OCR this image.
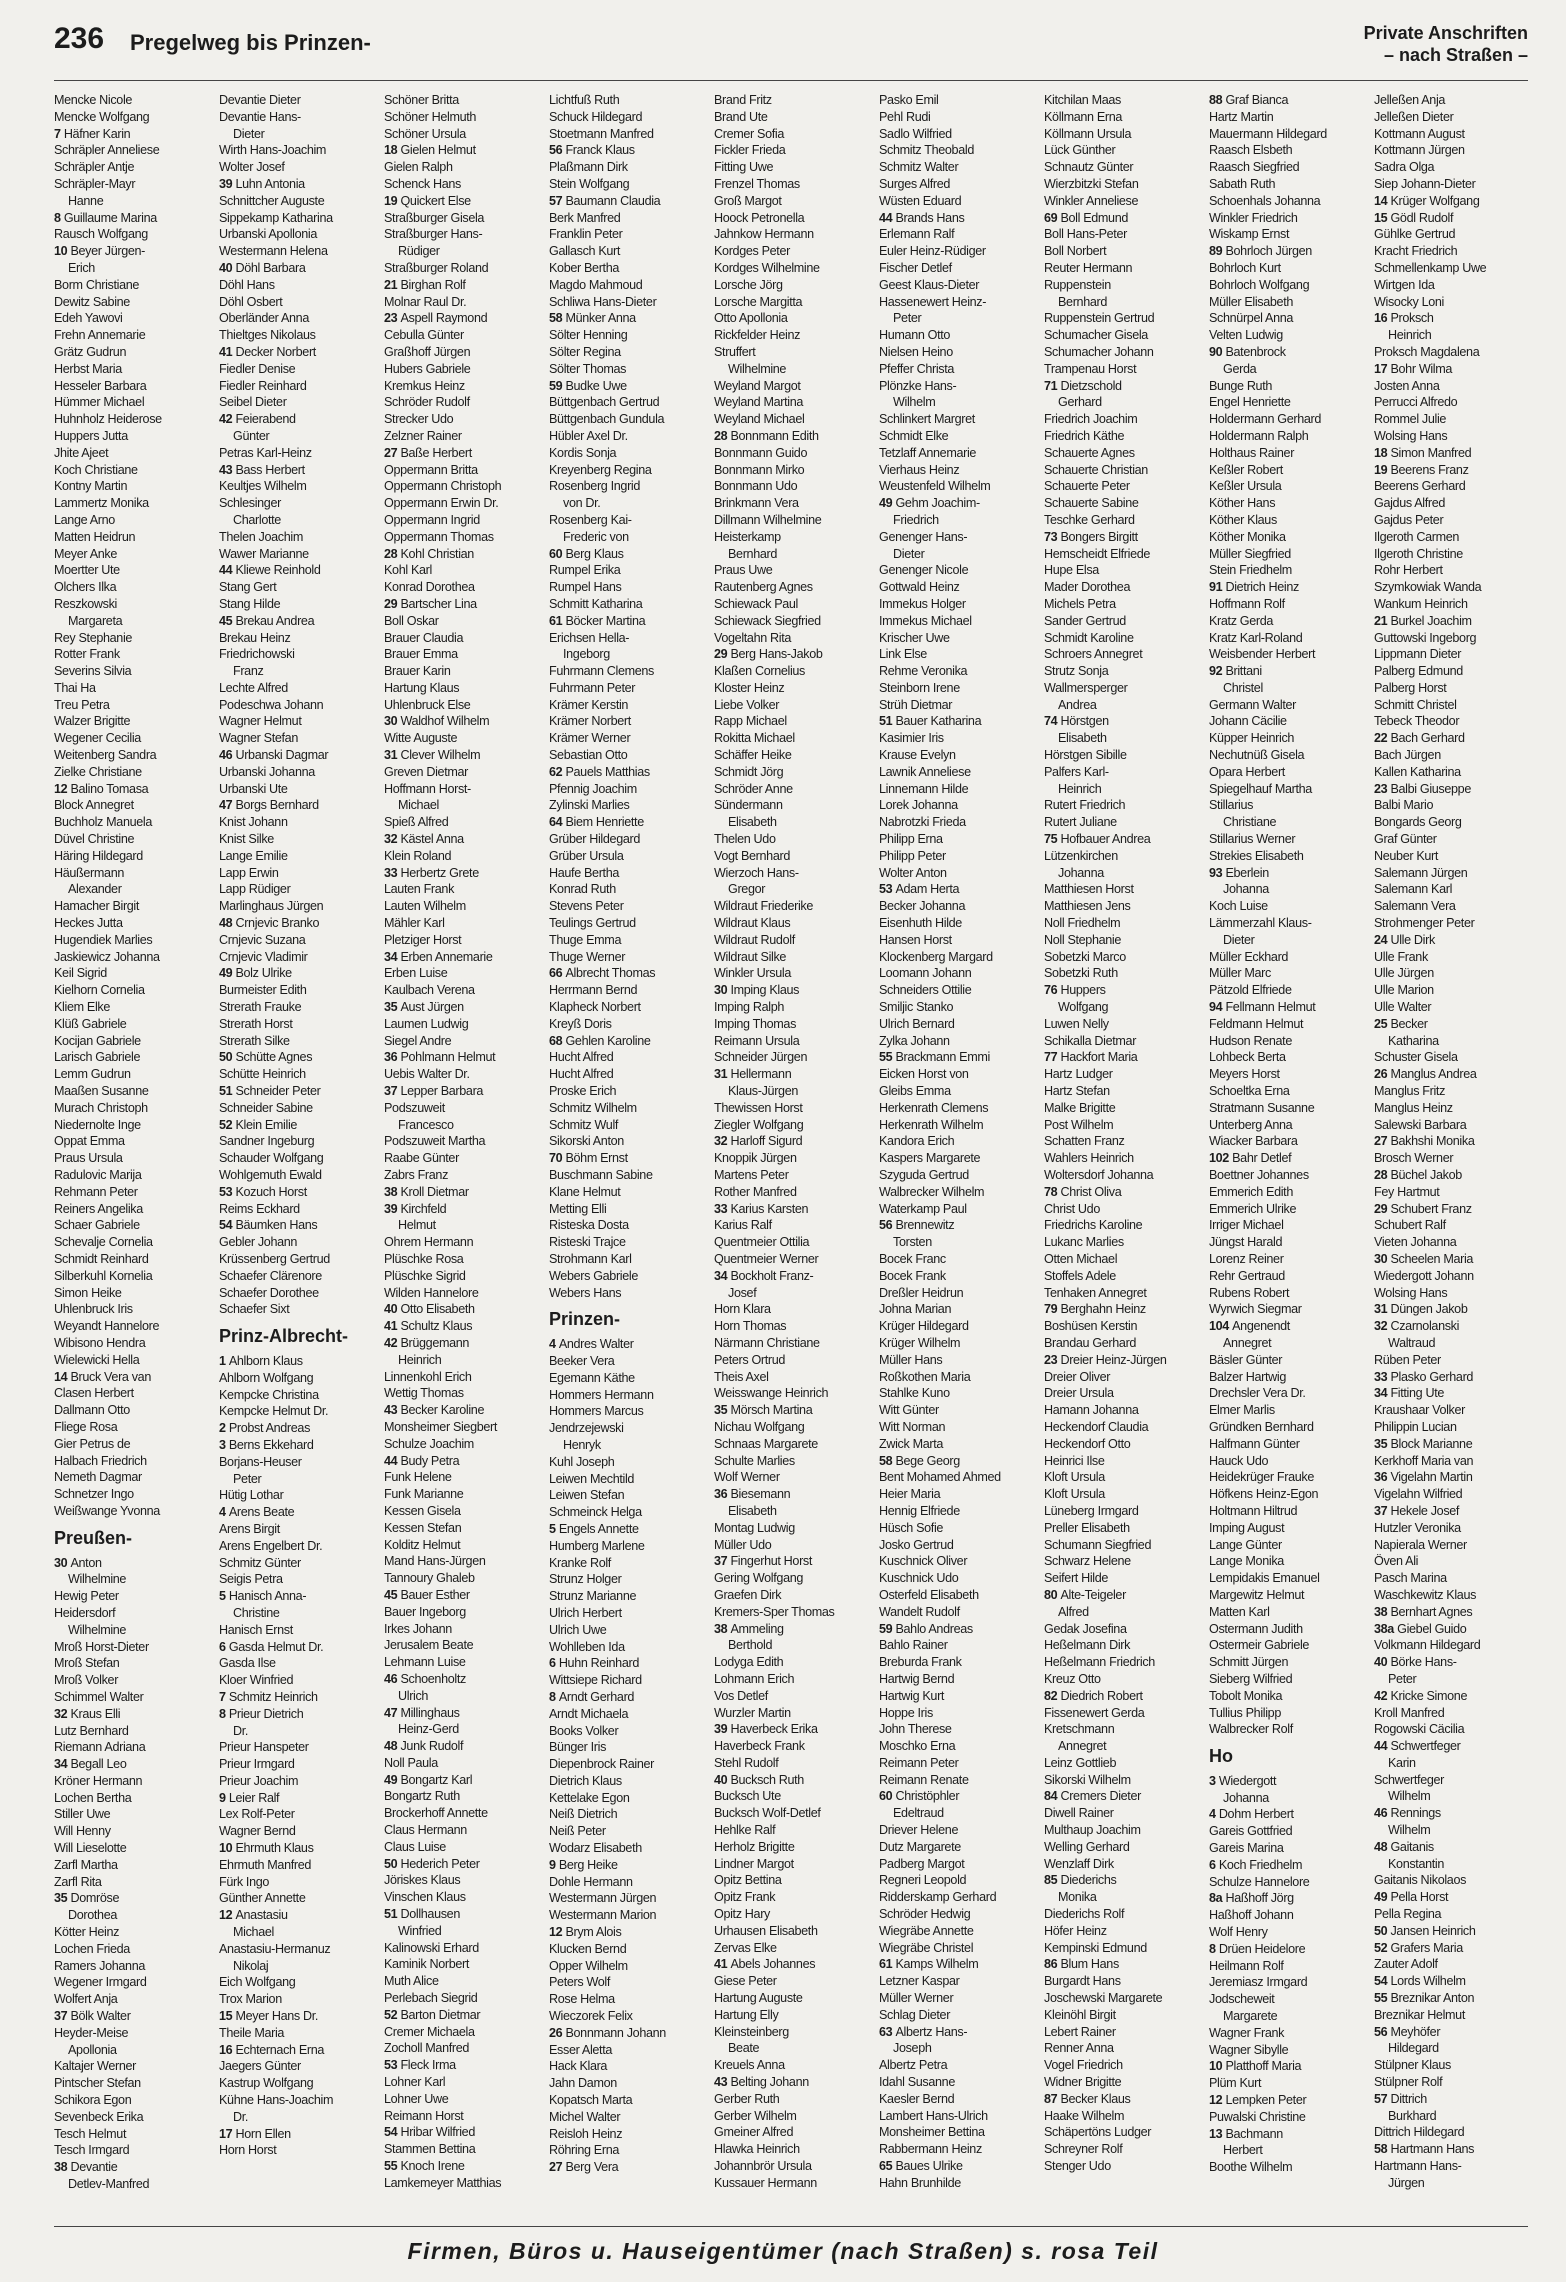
236 Pregelweg bis Prinzen-	Private Anschriften
– nach Straßen –
Mencke Nicole
Mencke Wolfgang
7 Häfner Karin
Schräpler Anneliese
Schräpler Antje
Schräpler-Mayr
Hanne
8 Guillaume Marina
Rausch Wolfgang
10 Beyer Jürgen-
Erich
Borm Christiane
Dewitz Sabine
Edeh Yawovi
Frehn Annemarie
Grätz Gudrun
Herbst Maria
Hesseler Barbara
Hümmer Michael
Huhnholz Heiderose
Huppers Jutta
Jhite Ajeet
Koch Christiane
Kontny Martin
Lammertz Monika
Lange Arno
Matten Heidrun
Meyer Anke
Moertter Ute
Olchers Ilka
Reszkowski
Margareta
Rey Stephanie
Rotter Frank
Severins Silvia
Thai Ha
Treu Petra
Walzer Brigitte
Wegener Cecilia
Weitenberg Sandra
Zielke Christiane
12 Balino Tomasa
Block Annegret
Buchholz Manuela
Düvel Christine
Häring Hildegard
Häußermann
Alexander
Hamacher Birgit
Heckes Jutta
Hugendiek Marlies
Jaskiewicz Johanna
Keil Sigrid
Kielhorn Cornelia
Kliem Elke
Klüß Gabriele
Kocijan Gabriele
Larisch Gabriele
Lemm Gudrun
Maaßen Susanne
Murach Christoph
Niedernolte Inge
Oppat Emma
Praus Ursula
Radulovic Marija
Rehmann Peter
Reiners Angelika
Schaer Gabriele
Schevalje Cornelia
Schmidt Reinhard
Silberkuhl Kornelia
Simon Heike
Uhlenbruck Iris
Weyandt Hannelore
Wibisono Hendra
Wielewicki Hella
14 Bruck Vera van
Clasen Herbert
Dallmann Otto
Fliege Rosa
Gier Petrus de
Halbach Friedrich
Nemeth Dagmar
Schnetzer Ingo
Weißwange Yvonna
Preußen-
30 Anton
Wilhelmine
Hewig Peter
Heidersdorf
Wilhelmine
Mroß Horst-Dieter
Mroß Stefan
Mroß Volker
Schimmel Walter
32 Kraus Elli
Lutz Bernhard
Riemann Adriana
34 Begall Leo
Kröner Hermann
Lochen Bertha
Stiller Uwe
Will Henny
Will Lieselotte
Zarfl Martha
Zarfl Rita
35 Domröse
Dorothea
Kötter Heinz
Lochen Frieda
Ramers Johanna
Wegener Irmgard
Wolfert Anja
37 Bölk Walter
Heyder-Meise
Apollonia
Kaltajer Werner
Pintscher Stefan
Schikora Egon
Sevenbeck Erika
Tesch Helmut
Tesch Irmgard
38 Devantie
Detlev-Manfred
Devantie Dieter
Devantie Hans-
Dieter
Wirth Hans-Joachim
Wolter Josef
39 Luhn Antonia
Schnittcher Auguste
Sippekamp Katharina
Urbanski Apollonia
Westermann Helena
40 Döhl Barbara
Döhl Hans
Döhl Osbert
Oberländer Anna
Thieltges Nikolaus
41 Decker Norbert
Fiedler Denise
Fiedler Reinhard
Seibel Dieter
42 Feierabend
Günter
Petras Karl-Heinz
43 Bass Herbert
Keultjes Wilhelm
Schlesinger
Charlotte
Thelen Joachim
Wawer Marianne
44 Kliewe Reinhold
Stang Gert
Stang Hilde
45 Brekau Andrea
Brekau Heinz
Friedrichowski
Franz
Lechte Alfred
Podeschwa Johann
Wagner Helmut
Wagner Stefan
46 Urbanski Dagmar
Urbanski Johanna
Urbanski Ute
47 Borgs Bernhard
Knist Johann
Knist Silke
Lange Emilie
Lapp Erwin
Lapp Rüdiger
Marlinghaus Jürgen
48 Crnjevic Branko
Crnjevic Suzana
Crnjevic Vladimir
49 Bolz Ulrike
Burmeister Edith
Strerath Frauke
Strerath Horst
Strerath Silke
50 Schütte Agnes
Schütte Heinrich
51 Schneider Peter
Schneider Sabine
52 Klein Emilie
Sandner Ingeburg
Schauder Wolfgang
Wohlgemuth Ewald
53 Kozuch Horst
Reims Eckhard
54 Bäumken Hans
Gebler Johann
Krüssenberg Gertrud
Schaefer Clärenore
Schaefer Dorothee
Schaefer Sixt
Prinz-Albrecht-
1 Ahlborn Klaus
Ahlborn Wolfgang
Kempcke Christina
Kempcke Helmut Dr.
2 Probst Andreas
3 Berns Ekkehard
Borjans-Heuser
Peter
Hütig Lothar
4 Arens Beate
Arens Birgit
Arens Engelbert Dr.
Schmitz Günter
Seigis Petra
5 Hanisch Anna-
Christine
Hanisch Ernst
6 Gasda Helmut Dr.
Gasda Ilse
Kloer Winfried
7 Schmitz Heinrich
8 Prieur Dietrich
Dr.
Prieur Hanspeter
Prieur Irmgard
Prieur Joachim
9 Leier Ralf
Lex Rolf-Peter
Wagner Bernd
10 Ehrmuth Klaus
Ehrmuth Manfred
Fürk Ingo
Günther Annette
12 Anastasiu
Michael
Anastasiu-Hermanuz
Nikolaj
Eich Wolfgang
Trox Marion
15 Meyer Hans Dr.
Theile Maria
16 Echternach Erna
Jaegers Günter
Kastrup Wolfgang
Kühne Hans-Joachim
Dr.
17 Horn Ellen
Horn Horst
Schöner Britta
Schöner Helmuth
Schöner Ursula
18 Gielen Helmut
Gielen Ralph
Schenck Hans
19 Quickert Else
Straßburger Gisela
Straßburger Hans-
Rüdiger
Straßburger Roland
21 Birghan Rolf
Molnar Raul Dr.
23 Aspell Raymond
Cebulla Günter
Graßhoff Jürgen
Hubers Gabriele
Kremkus Heinz
Schröder Rudolf
Strecker Udo
Zelzner Rainer
27 Baße Herbert
Oppermann Britta
Oppermann Christoph
Oppermann Erwin Dr.
Oppermann Ingrid
Oppermann Thomas
28 Kohl Christian
Kohl Karl
Konrad Dorothea
29 Bartscher Lina
Boll Oskar
Brauer Claudia
Brauer Emma
Brauer Karin
Hartung Klaus
Uhlenbruck Else
30 Waldhof Wilhelm
Witte Auguste
31 Clever Wilhelm
Greven Dietmar
Hoffmann Horst-
Michael
Spieß Alfred
32 Kästel Anna
Klein Roland
33 Herbertz Grete
Lauten Frank
Lauten Wilhelm
Mähler Karl
Pletziger Horst
34 Erben Annemarie
Erben Luise
Kaulbach Verena
35 Aust Jürgen
Laumen Ludwig
Siegel Andre
36 Pohlmann Helmut
Uebis Walter Dr.
37 Lepper Barbara
Podszuweit
Francesco
Podszuweit Martha
Raabe Günter
Zabrs Franz
38 Kroll Dietmar
39 Kirchfeld
Helmut
Ohrem Hermann
Plüschke Rosa
Plüschke Sigrid
Wilden Hannelore
40 Otto Elisabeth
41 Schultz Klaus
42 Brüggemann
Heinrich
Linnenkohl Erich
Wettig Thomas
43 Becker Karoline
Monsheimer Siegbert
Schulze Joachim
44 Budy Petra
Funk Helene
Funk Marianne
Kessen Gisela
Kessen Stefan
Kolditz Helmut
Mand Hans-Jürgen
Tannoury Ghaleb
45 Bauer Esther
Bauer Ingeborg
Irkes Johann
Jerusalem Beate
Lehmann Luise
46 Schoenholtz
Ulrich
47 Millinghaus
Heinz-Gerd
48 Junk Rudolf
Noll Paula
49 Bongartz Karl
Bongartz Ruth
Brockerhoff Annette
Claus Hermann
Claus Luise
50 Hederich Peter
Jöriskes Klaus
Vinschen Klaus
51 Dollhausen
Winfried
Kalinowski Erhard
Kaminik Norbert
Muth Alice
Perlebach Siegrid
52 Barton Dietmar
Cremer Michaela
Zocholl Manfred
53 Fleck Irma
Lohner Karl
Lohner Uwe
Reimann Horst
54 Hribar Wilfried
Stammen Bettina
55 Knoch Irene
Lamkemeyer Matthias
Lichtfuß Ruth
Schuck Hildegard
Stoetmann Manfred
56 Franck Klaus
Plaßmann Dirk
Stein Wolfgang
57 Baumann Claudia
Berk Manfred
Franklin Peter
Gallasch Kurt
Kober Bertha
Magdo Mahmoud
Schliwa Hans-Dieter
58 Münker Anna
Sölter Henning
Sölter Regina
Sölter Thomas
59 Budke Uwe
Büttgenbach Gertrud
Büttgenbach Gundula
Hübler Axel Dr.
Kordis Sonja
Kreyenberg Regina
Rosenberg Ingrid
von Dr.
Rosenberg Kai-
Frederic von
60 Berg Klaus
Rumpel Erika
Rumpel Hans
Schmitt Katharina
61 Böcker Martina
Erichsen Hella-
Ingeborg
Fuhrmann Clemens
Fuhrmann Peter
Krämer Kerstin
Krämer Norbert
Krämer Werner
Sebastian Otto
62 Pauels Matthias
Pfennig Joachim
Zylinski Marlies
64 Biem Henriette
Grüber Hildegard
Grüber Ursula
Haufe Bertha
Konrad Ruth
Stevens Peter
Teulings Gertrud
Thuge Emma
Thuge Werner
66 Albrecht Thomas
Herrmann Bernd
Klapheck Norbert
Kreyß Doris
68 Gehlen Karoline
Hucht Alfred
Hucht Alfred
Proske Erich
Schmitz Wilhelm
Schmitz Wulf
Sikorski Anton
70 Böhm Ernst
Buschmann Sabine
Klane Helmut
Metting Elli
Risteska Dosta
Risteski Trajce
Strohmann Karl
Webers Gabriele
Webers Hans
Prinzen-
4 Andres Walter
Beeker Vera
Egemann Käthe
Hommers Hermann
Hommers Marcus
Jendrzejewski
Henryk
Kuhl Joseph
Leiwen Mechtild
Leiwen Stefan
Schmeinck Helga
5 Engels Annette
Humberg Marlene
Kranke Rolf
Strunz Holger
Strunz Marianne
Ulrich Herbert
Ulrich Uwe
Wohlleben Ida
6 Huhn Reinhard
Wittsiepe Richard
8 Arndt Gerhard
Arndt Michaela
Books Volker
Bünger Iris
Diepenbrock Rainer
Dietrich Klaus
Kettelake Egon
Neiß Dietrich
Neiß Peter
Wodarz Elisabeth
9 Berg Heike
Dohle Hermann
Westermann Jürgen
Westermann Marion
12 Brym Alois
Klucken Bernd
Opper Wilhelm
Peters Wolf
Rose Helma
Wieczorek Felix
26 Bonnmann Johann
Esser Aletta
Hack Klara
Jahn Damon
Kopatsch Marta
Michel Walter
Reisloh Heinz
Röhring Erna
27 Berg Vera
Brand Fritz
Brand Ute
Cremer Sofia
Fickler Frieda
Fitting Uwe
Frenzel Thomas
Groß Margot
Hoock Petronella
Jahnkow Hermann
Kordges Peter
Kordges Wilhelmine
Lorsche Jörg
Lorsche Margitta
Otto Apollonia
Rickfelder Heinz
Struffert
Wilhelmine
Weyland Margot
Weyland Martina
Weyland Michael
28 Bonnmann Edith
Bonnmann Guido
Bonnmann Mirko
Bonnmann Udo
Brinkmann Vera
Dillmann Wilhelmine
Heisterkamp
Bernhard
Praus Uwe
Rautenberg Agnes
Schiewack Paul
Schiewack Siegfried
Vogeltahn Rita
29 Berg Hans-Jakob
Klaßen Cornelius
Kloster Heinz
Liebe Volker
Rapp Michael
Rokitta Michael
Schäffer Heike
Schmidt Jörg
Schröder Anne
Sündermann
Elisabeth
Thelen Udo
Vogt Bernhard
Wierzoch Hans-
Gregor
Wildraut Friederike
Wildraut Klaus
Wildraut Rudolf
Wildraut Silke
Winkler Ursula
30 Imping Klaus
Imping Ralph
Imping Thomas
Reimann Ursula
Schneider Jürgen
31 Hellermann
Klaus-Jürgen
Thewissen Horst
Ziegler Wolfgang
32 Harloff Sigurd
Knoppik Jürgen
Martens Peter
Rother Manfred
33 Karius Karsten
Karius Ralf
Quentmeier Ottilia
Quentmeier Werner
34 Bockholt Franz-
Josef
Horn Klara
Horn Thomas
Närmann Christiane
Peters Ortrud
Theis Axel
Weisswange Heinrich
35 Mörsch Martina
Nichau Wolfgang
Schnaas Margarete
Schulte Marlies
Wolf Werner
36 Biesemann
Elisabeth
Montag Ludwig
Müller Udo
37 Fingerhut Horst
Gering Wolfgang
Graefen Dirk
Kremers-Sper Thomas
38 Ammeling
Berthold
Lodyga Edith
Lohmann Erich
Vos Detlef
Wurzler Martin
39 Haverbeck Erika
Haverbeck Frank
Stehl Rudolf
40 Bucksch Ruth
Bucksch Ute
Bucksch Wolf-Detlef
Hehlke Ralf
Herholz Brigitte
Lindner Margot
Opitz Bettina
Opitz Frank
Opitz Hary
Urhausen Elisabeth
Zervas Elke
41 Abels Johannes
Giese Peter
Hartung Auguste
Hartung Elly
Kleinsteinberg
Beate
Kreuels Anna
43 Belting Johann
Gerber Ruth
Gerber Wilhelm
Gmeiner Alfred
Hlawka Heinrich
Johannbrör Ursula
Kussauer Hermann
Pasko Emil
Pehl Rudi
Sadlo Wilfried
Schmitz Theobald
Schmitz Walter
Surges Alfred
Wüsten Eduard
44 Brands Hans
Erlemann Ralf
Euler Heinz-Rüdiger
Fischer Detlef
Geest Klaus-Dieter
Hassenewert Heinz-
Peter
Humann Otto
Nielsen Heino
Pfeffer Christa
Plönzke Hans-
Wilhelm
Schlinkert Margret
Schmidt Elke
Tetzlaff Annemarie
Vierhaus Heinz
Weustenfeld Wilhelm
49 Gehm Joachim-
Friedrich
Genenger Hans-
Dieter
Genenger Nicole
Gottwald Heinz
Immekus Holger
Immekus Michael
Krischer Uwe
Link Else
Rehme Veronika
Steinborn Irene
Strüh Dietmar
51 Bauer Katharina
Kasimier Iris
Krause Evelyn
Lawnik Anneliese
Linnemann Hilde
Lorek Johanna
Nabrotzki Frieda
Philipp Erna
Philipp Peter
Wolter Anton
53 Adam Herta
Becker Johanna
Eisenhuth Hilde
Hansen Horst
Klockenberg Margard
Loomann Johann
Schneiders Ottilie
Smiljic Stanko
Ulrich Bernard
Zylka Johann
55 Brackmann Emmi
Eicken Horst von
Gleibs Emma
Herkenrath Clemens
Herkenrath Wilhelm
Kandora Erich
Kaspers Margarete
Szyguda Gertrud
Walbrecker Wilhelm
Waterkamp Paul
56 Brennewitz
Torsten
Bocek Franc
Bocek Frank
Dreßler Heidrun
Johna Marian
Krüger Hildegard
Krüger Wilhelm
Müller Hans
Roßkothen Maria
Stahlke Kuno
Witt Günter
Witt Norman
Zwick Marta
58 Bege Georg
Bent Mohamed Ahmed
Heier Maria
Hennig Elfriede
Hüsch Sofie
Josko Gertrud
Kuschnick Oliver
Kuschnick Udo
Osterfeld Elisabeth
Wandelt Rudolf
59 Bahlo Andreas
Bahlo Rainer
Breburda Frank
Hartwig Bernd
Hartwig Kurt
Hoppe Iris
John Therese
Moschko Erna
Reimann Peter
Reimann Renate
60 Christöphler
Edeltraud
Driever Helene
Dutz Margarete
Padberg Margot
Regneri Leopold
Ridderskamp Gerhard
Schröder Hedwig
Wiegräbe Annette
Wiegräbe Christel
61 Kamps Wilhelm
Letzner Kaspar
Müller Werner
Schlag Dieter
63 Albertz Hans-
Joseph
Albertz Petra
Idahl Susanne
Kaesler Bernd
Lambert Hans-Ulrich
Monsheimer Bettina
Rabbermann Heinz
65 Baues Ulrike
Hahn Brunhilde
Kitchilan Maas
Köllmann Erna
Köllmann Ursula
Lück Günther
Schnautz Günter
Wierzbitzki Stefan
Winkler Anneliese
69 Boll Edmund
Boll Hans-Peter
Boll Norbert
Reuter Hermann
Ruppenstein
Bernhard
Ruppenstein Gertrud
Schumacher Gisela
Schumacher Johann
Trampenau Horst
71 Dietzschold
Gerhard
Friedrich Joachim
Friedrich Käthe
Schauerte Agnes
Schauerte Christian
Schauerte Peter
Schauerte Sabine
Teschke Gerhard
73 Bongers Birgitt
Hemscheidt Elfriede
Hupe Elsa
Mader Dorothea
Michels Petra
Sander Gertrud
Schmidt Karoline
Schroers Annegret
Strutz Sonja
Wallmersperger
Andrea
74 Hörstgen
Elisabeth
Hörstgen Sibille
Palfers Karl-
Heinrich
Rutert Friedrich
Rutert Juliane
75 Hofbauer Andrea
Lützenkirchen
Johanna
Matthiesen Horst
Matthiesen Jens
Noll Friedhelm
Noll Stephanie
Sobetzki Marco
Sobetzki Ruth
76 Huppers
Wolfgang
Luwen Nelly
Schikalla Dietmar
77 Hackfort Maria
Hartz Ludger
Hartz Stefan
Malke Brigitte
Post Wilhelm
Schatten Franz
Wahlers Heinrich
Woltersdorf Johanna
78 Christ Oliva
Christ Udo
Friedrichs Karoline
Lukanc Marlies
Otten Michael
Stoffels Adele
Tenhaken Annegret
79 Berghahn Heinz
Boshüsen Kerstin
Brandau Gerhard
23 Dreier Heinz-Jürgen
Dreier Oliver
Dreier Ursula
Hamann Johanna
Heckendorf Claudia
Heckendorf Otto
Heinrici Ilse
Kloft Ursula
Kloft Ursula
Lüneberg Irmgard
Preller Elisabeth
Schumann Siegfried
Schwarz Helene
Seifert Hilde
80 Alte-Teigeler
Alfred
Gedak Josefina
Heßelmann Dirk
Heßelmann Friedrich
Kreuz Otto
82 Diedrich Robert
Fissenewert Gerda
Kretschmann
Annegret
Leinz Gottlieb
Sikorski Wilhelm
84 Cremers Dieter
Diwell Rainer
Multhaup Joachim
Welling Gerhard
Wenzlaff Dirk
85 Diederichs
Monika
Diederichs Rolf
Höfer Heinz
Kempinski Edmund
86 Blum Hans
Burgardt Hans
Joschewski Margarete
Kleinöhl Birgit
Lebert Rainer
Renner Anna
Vogel Friedrich
Widner Brigitte
87 Becker Klaus
Haake Wilhelm
Schäpertöns Ludger
Schreyner Rolf
Stenger Udo
88 Graf Bianca
Hartz Martin
Mauermann Hildegard
Raasch Elsbeth
Raasch Siegfried
Sabath Ruth
Schoenhals Johanna
Winkler Friedrich
Wiskamp Ernst
89 Bohrloch Jürgen
Bohrloch Kurt
Bohrloch Wolfgang
Müller Elisabeth
Schnürpel Anna
Velten Ludwig
90 Batenbrock
Gerda
Bunge Ruth
Engel Henriette
Holdermann Gerhard
Holdermann Ralph
Holthaus Rainer
Keßler Robert
Keßler Ursula
Köther Hans
Köther Klaus
Köther Monika
Müller Siegfried
Stein Friedhelm
91 Dietrich Heinz
Hoffmann Rolf
Kratz Gerda
Kratz Karl-Roland
Weisbender Herbert
92 Brittani
Christel
Germann Walter
Johann Cäcilie
Küpper Heinrich
Nechutnüß Gisela
Opara Herbert
Spiegelhauf Martha
Stillarius
Christiane
Stillarius Werner
Strekies Elisabeth
93 Eberlein
Johanna
Koch Luise
Lämmerzahl Klaus-
Dieter
Müller Eckhard
Müller Marc
Pätzold Elfriede
94 Fellmann Helmut
Feldmann Helmut
Hudson Renate
Lohbeck Berta
Meyers Horst
Schoeltka Erna
Stratmann Susanne
Unterberg Anna
Wiacker Barbara
102 Bahr Detlef
Boettner Johannes
Emmerich Edith
Emmerich Ulrike
Irriger Michael
Jüngst Harald
Lorenz Reiner
Rehr Gertraud
Rubens Robert
Wyrwich Siegmar
104 Angenendt
Annegret
Bäsler Günter
Balzer Hartwig
Drechsler Vera Dr.
Elmer Marlis
Gründken Bernhard
Halfmann Günter
Hauck Udo
Heidekrüger Frauke
Höfkens Heinz-Egon
Holtmann Hiltrud
Imping August
Lange Günter
Lange Monika
Lempidakis Emanuel
Margewitz Helmut
Matten Karl
Ostermann Judith
Ostermeir Gabriele
Schmitt Jürgen
Sieberg Wilfried
Tobolt Monika
Tullius Philipp
Walbrecker Rolf
Ho
3 Wiedergott
Johanna
4 Dohm Herbert
Gareis Gottfried
Gareis Marina
6 Koch Friedhelm
Schulze Hannelore
8a Haßhoff Jörg
Haßhoff Johann
Wolf Henry
8 Drüen Heidelore
Heilmann Rolf
Jeremiasz Irmgard
Jodscheweit
Margarete
Wagner Frank
Wagner Sibylle
10 Platthoff Maria
Plüm Kurt
12 Lempken Peter
Puwalski Christine
13 Bachmann
Herbert
Boothe Wilhelm
Jelleßen Anja
Jelleßen Dieter
Kottmann August
Kottmann Jürgen
Sadra Olga
Siep Johann-Dieter
14 Krüger Wolfgang
15 Gödl Rudolf
Gühlke Gertrud
Kracht Friedrich
Schmellenkamp Uwe
Wirtgen Ida
Wisocky Loni
16 Proksch
Heinrich
Proksch Magdalena
17 Bohr Wilma
Josten Anna
Perrucci Alfredo
Rommel Julie
Wolsing Hans
18 Simon Manfred
19 Beerens Franz
Beerens Gerhard
Gajdus Alfred
Gajdus Peter
Ilgeroth Carmen
Ilgeroth Christine
Rohr Herbert
Szymkowiak Wanda
Wankum Heinrich
21 Burkel Joachim
Guttowski Ingeborg
Lippmann Dieter
Palberg Edmund
Palberg Horst
Schmitt Christel
Tebeck Theodor
22 Bach Gerhard
Bach Jürgen
Kallen Katharina
23 Balbi Giuseppe
Balbi Mario
Bongards Georg
Graf Günter
Neuber Kurt
Salemann Jürgen
Salemann Karl
Salemann Vera
Strohmenger Peter
24 Ulle Dirk
Ulle Frank
Ulle Jürgen
Ulle Marion
Ulle Walter
25 Becker
Katharina
Schuster Gisela
26 Manglus Andrea
Manglus Fritz
Manglus Heinz
Salewski Barbara
27 Bakhshi Monika
Brosch Werner
28 Büchel Jakob
Fey Hartmut
29 Schubert Franz
Schubert Ralf
Vieten Johanna
30 Scheelen Maria
Wiedergott Johann
Wolsing Hans
31 Düngen Jakob
32 Czarnolanski
Waltraud
Rüben Peter
33 Plasko Gerhard
34 Fitting Ute
Kraushaar Volker
Philippin Lucian
35 Block Marianne
Kerkhoff Maria van
36 Vigelahn Martin
Vigelahn Wilfried
37 Hekele Josef
Hutzler Veronika
Napierala Werner
Öven Ali
Pasch Marina
Waschkewitz Klaus
38 Bernhart Agnes
38a Giebel Guido
Volkmann Hildegard
40 Börke Hans-
Peter
42 Kricke Simone
Kroll Manfred
Rogowski Cäcilia
44 Schwertfeger
Karin
Schwertfeger
Wilhelm
46 Rennings
Wilhelm
48 Gaitanis
Konstantin
Gaitanis Nikolaos
49 Pella Horst
Pella Regina
50 Jansen Heinrich
52 Grafers Maria
Zauter Adolf
54 Lords Wilhelm
55 Breznikar Anton
Breznikar Helmut
56 Meyhöfer
Hildegard
Stülpner Klaus
Stülpner Rolf
57 Dittrich
Burkhard
Dittrich Hildegard
58 Hartmann Hans
Hartmann Hans-
Jürgen
Firmen, Büros u. Hauseigentümer (nach Straßen) s. rosa Teil
